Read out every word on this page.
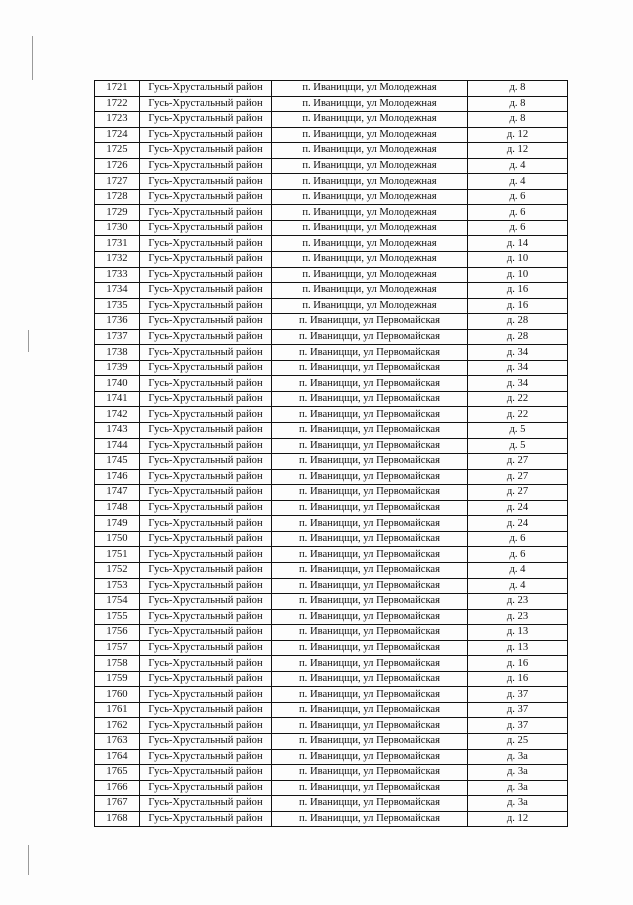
1721	Гусь-Хрустальный район	п. Иваницщи, ул Молодежная	д. 8
1722	Гусь-Хрустальный район	п. Иваницщи, ул Молодежная	д. 8
1723	Гусь-Хрустальный район	п. Иваницщи, ул Молодежная	д. 8
1724	Гусь-Хрустальный район	п. Иваницщи, ул Молодежная	д. 12
1725	Гусь-Хрустальный район	п. Иваницщи, ул Молодежная	д. 12
1726	Гусь-Хрустальный район	п. Иваницщи, ул Молодежная	д. 4
1727	Гусь-Хрустальный район	п. Иваницщи, ул Молодежная	д. 4
1728	Гусь-Хрустальный район	п. Иваницщи, ул Молодежная	д. 6
1729	Гусь-Хрустальный район	п. Иваницщи, ул Молодежная	д. 6
1730	Гусь-Хрустальный район	п. Иваницщи, ул Молодежная	д. 6
1731	Гусь-Хрустальный район	п. Иваницщи, ул Молодежная	д. 14
1732	Гусь-Хрустальный район	п. Иваницщи, ул Молодежная	д. 10
1733	Гусь-Хрустальный район	п. Иваницщи, ул Молодежная	д. 10
1734	Гусь-Хрустальный район	п. Иваницщи, ул Молодежная	д. 16
1735	Гусь-Хрустальный район	п. Иваницщи, ул Молодежная	д. 16
1736	Гусь-Хрустальный район	п. Иваницщи, ул Первомайская	д. 28
1737	Гусь-Хрустальный район	п. Иваницщи, ул Первомайская	д. 28
1738	Гусь-Хрустальный район	п. Иваницщи, ул Первомайская	д. 34
1739	Гусь-Хрустальный район	п. Иваницщи, ул Первомайская	д. 34
1740	Гусь-Хрустальный район	п. Иваницщи, ул Первомайская	д. 34
1741	Гусь-Хрустальный район	п. Иваницщи, ул Первомайская	д. 22
1742	Гусь-Хрустальный район	п. Иваницщи, ул Первомайская	д. 22
1743	Гусь-Хрустальный район	п. Иваницщи, ул Первомайская	д. 5
1744	Гусь-Хрустальный район	п. Иваницщи, ул Первомайская	д. 5
1745	Гусь-Хрустальный район	п. Иваницщи, ул Первомайская	д. 27
1746	Гусь-Хрустальный район	п. Иваницщи, ул Первомайская	д. 27
1747	Гусь-Хрустальный район	п. Иваницщи, ул Первомайская	д. 27
1748	Гусь-Хрустальный район	п. Иваницщи, ул Первомайская	д. 24
1749	Гусь-Хрустальный район	п. Иваницщи, ул Первомайская	д. 24
1750	Гусь-Хрустальный район	п. Иваницщи, ул Первомайская	д. 6
1751	Гусь-Хрустальный район	п. Иваницщи, ул Первомайская	д. 6
1752	Гусь-Хрустальный район	п. Иваницщи, ул Первомайская	д. 4
1753	Гусь-Хрустальный район	п. Иваницщи, ул Первомайская	д. 4
1754	Гусь-Хрустальный район	п. Иваницщи, ул Первомайская	д. 23
1755	Гусь-Хрустальный район	п. Иваницщи, ул Первомайская	д. 23
1756	Гусь-Хрустальный район	п. Иваницщи, ул Первомайская	д. 13
1757	Гусь-Хрустальный район	п. Иваницщи, ул Первомайская	д. 13
1758	Гусь-Хрустальный район	п. Иваницщи, ул Первомайская	д. 16
1759	Гусь-Хрустальный район	п. Иваницщи, ул Первомайская	д. 16
1760	Гусь-Хрустальный район	п. Иваницщи, ул Первомайская	д. 37
1761	Гусь-Хрустальный район	п. Иваницщи, ул Первомайская	д. 37
1762	Гусь-Хрустальный район	п. Иваницщи, ул Первомайская	д. 37
1763	Гусь-Хрустальный район	п. Иваницщи, ул Первомайская	д. 25
1764	Гусь-Хрустальный район	п. Иваницщи, ул Первомайская	д. 3а
1765	Гусь-Хрустальный район	п. Иваницщи, ул Первомайская	д. 3а
1766	Гусь-Хрустальный район	п. Иваницщи, ул Первомайская	д. 3а
1767	Гусь-Хрустальный район	п. Иваницщи, ул Первомайская	д. 3а
1768	Гусь-Хрустальный район	п. Иваницщи, ул Первомайская	д. 12
